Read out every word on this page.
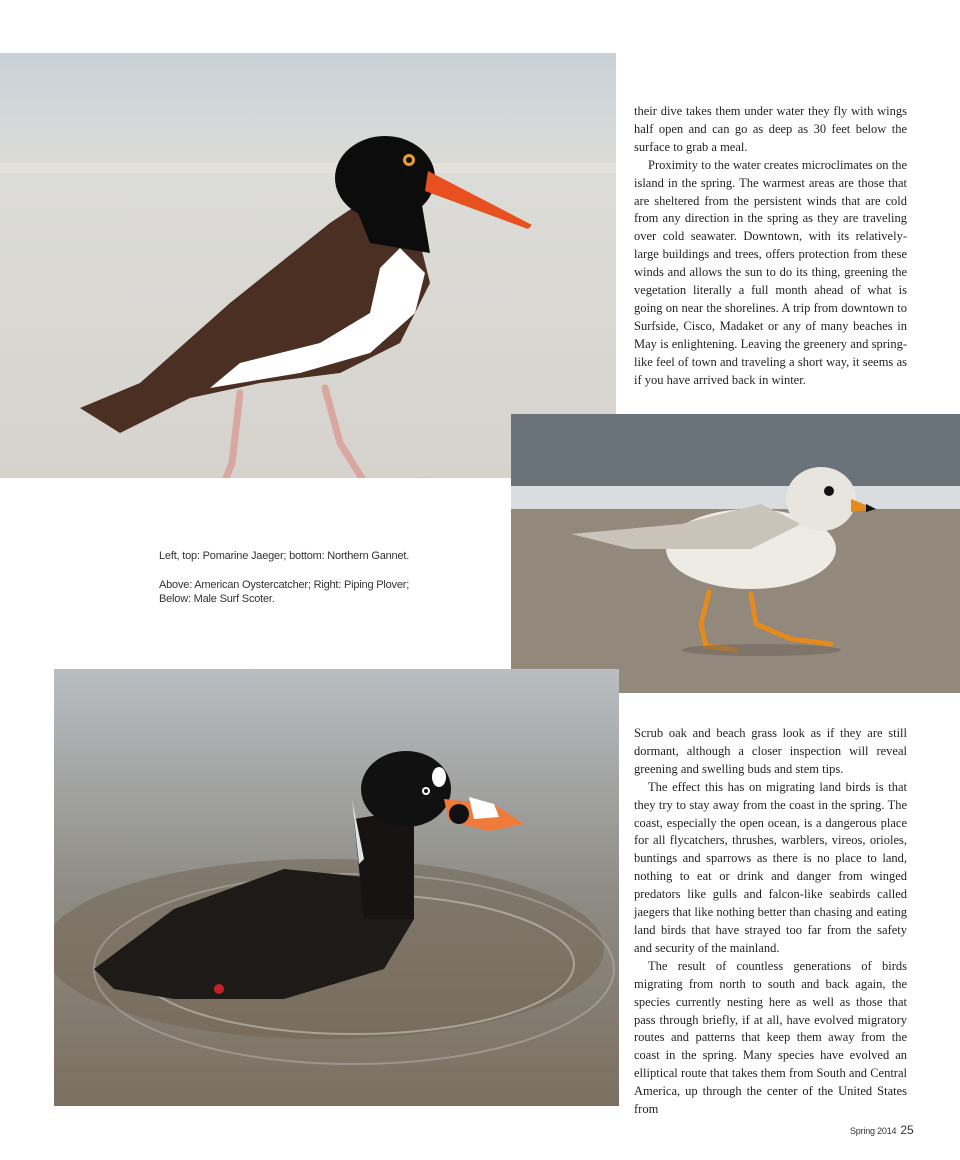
their dive takes them under water they fly with wings half open and can go as deep as 30 feet below the surface to grab a meal.

Proximity to the water creates microclimates on the island in the spring. The warmest areas are those that are sheltered from the persistent winds that are cold from any direction in the spring as they are traveling over cold seawater. Downtown, with its relatively-large buildings and trees, offers protection from these winds and allows the sun to do its thing, greening the vegetation literally a full month ahead of what is going on near the shorelines. A trip from downtown to Surfside, Cisco, Madaket or any of many beaches in May is enlightening. Leaving the greenery and spring-like feel of town and traveling a short way, it seems as if you have arrived back in winter.

Left, top: Pomarine Jaeger; bottom: Northern Gannet.
Above: American Oystercatcher; Right: Piping Plover;
Below: Male Surf Scoter.

Scrub oak and beach grass look as if they are still dormant, although a closer inspection will reveal greening and swelling buds and stem tips.

The effect this has on migrating land birds is that they try to stay away from the coast in the spring. The coast, especially the open ocean, is a dangerous place for all flycatchers, thrushes, warblers, vireos, orioles, buntings and sparrows as there is no place to land, nothing to eat or drink and danger from winged predators like gulls and falcon-like seabirds called jaegers that like nothing better than chasing and eating land birds that have strayed too far from the safety and security of the mainland.

The result of countless generations of birds migrating from north to south and back again, the species currently nesting here as well as those that pass through briefly, if at all, have evolved migratory routes and patterns that keep them away from the coast in the spring. Many species have evolved an elliptical route that takes them from South and Central America, up through the center of the United States from

Spring 2014 25
